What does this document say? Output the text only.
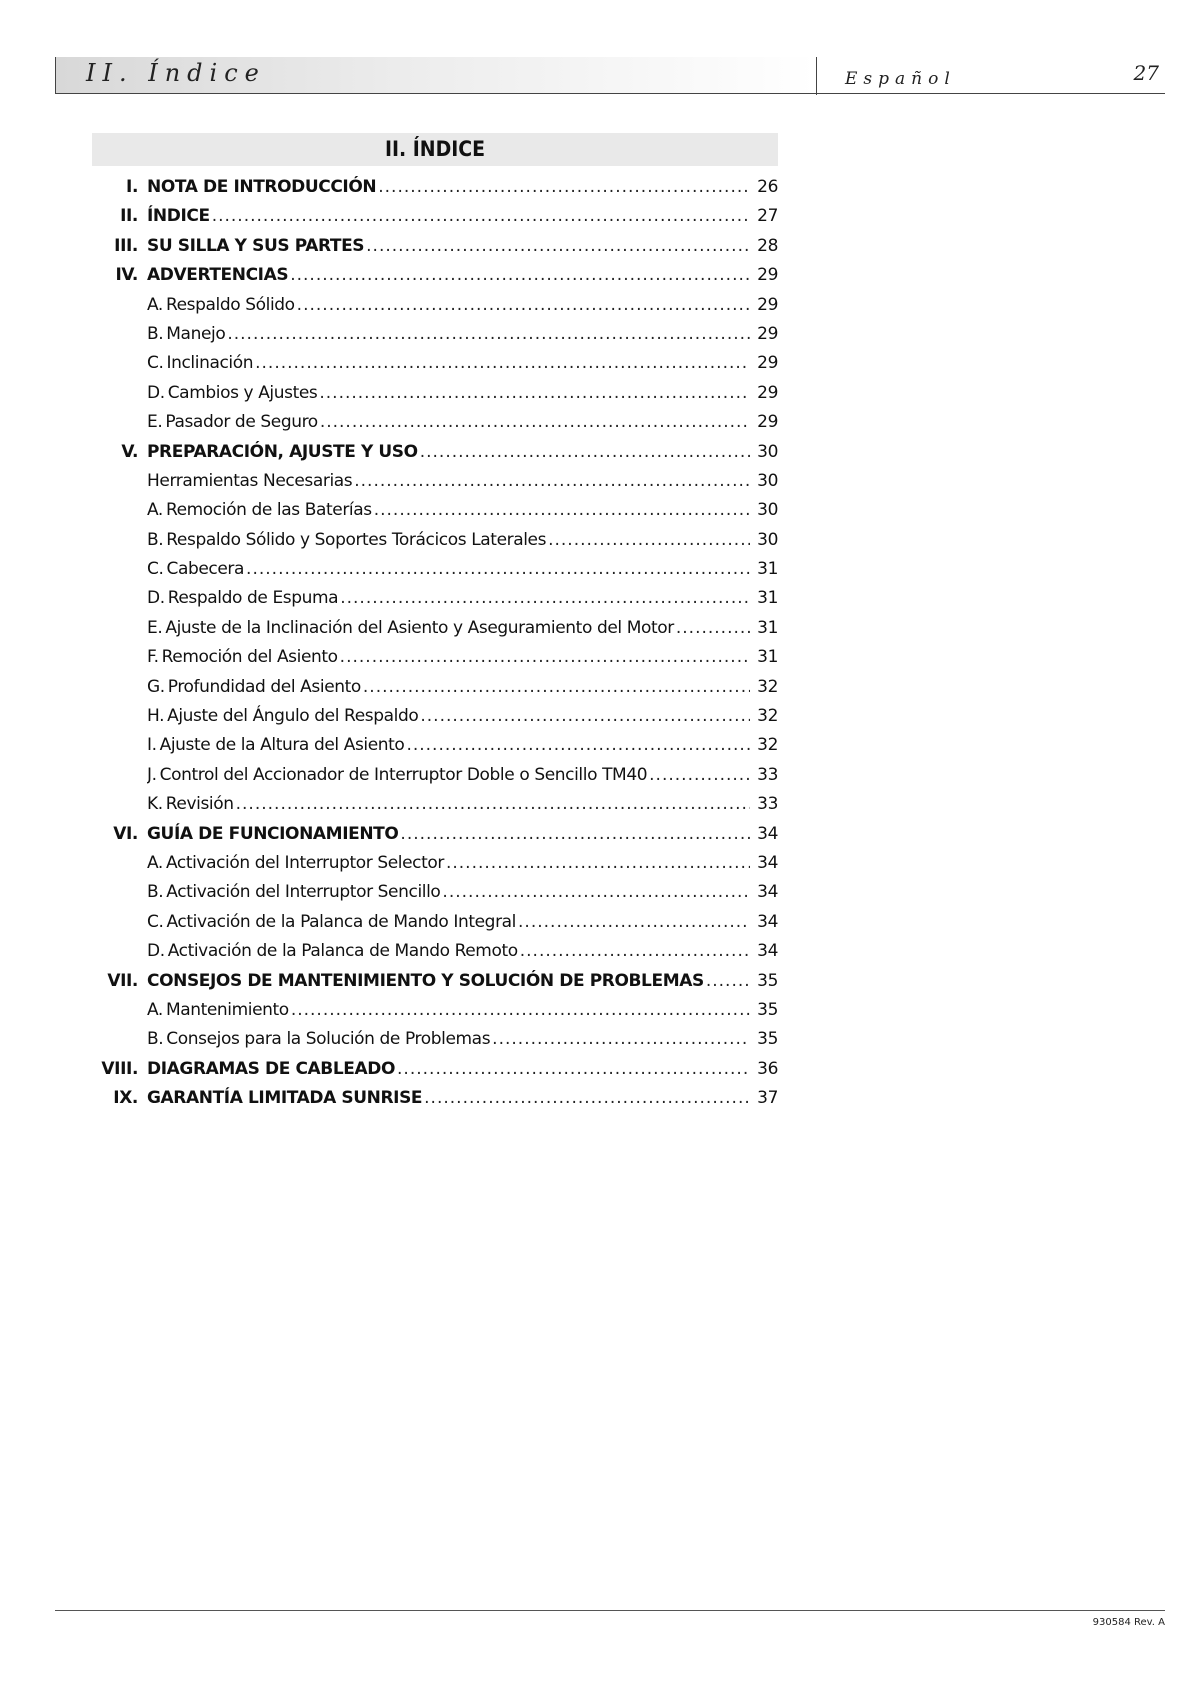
II. Índice	Español	27
II. ÍNDICE
I. NOTA DE INTRODUCCIÓN .....	26
II. ÍNDICE .....	27
III. SU SILLA Y SUS PARTES .....	28
IV. ADVERTENCIAS .....	29
A. Respaldo Sólido .....	29
B. Manejo .....	29
C. Inclinación .....	29
D. Cambios y Ajustes .....	29
E. Pasador de Seguro .....	29
V. PREPARACIÓN, AJUSTE Y USO .....	30
Herramientas Necesarias .....	30
A. Remoción de las Baterías .....	30
B. Respaldo Sólido y Soportes Torácicos Laterales .....	30
C. Cabecera .....	31
D. Respaldo de Espuma .....	31
E. Ajuste de la Inclinación del Asiento y Aseguramiento del Motor .....	31
F. Remoción del Asiento .....	31
G. Profundidad del Asiento .....	32
H. Ajuste del Ángulo del Respaldo .....	32
I. Ajuste de la Altura del Asiento .....	32
J. Control del Accionador de Interruptor Doble o Sencillo TM40 .....	33
K. Revisión .....	33
VI. GUÍA DE FUNCIONAMIENTO .....	34
A. Activación del Interruptor Selector .....	34
B. Activación del Interruptor Sencillo .....	34
C. Activación de la Palanca de Mando Integral .....	34
D. Activación de la Palanca de Mando Remoto .....	34
VII. CONSEJOS DE MANTENIMIENTO Y SOLUCIÓN DE PROBLEMAS .....	35
A. Mantenimiento .....	35
B. Consejos para la Solución de Problemas .....	35
VIII. DIAGRAMAS DE CABLEADO .....	36
IX. GARANTÍA LIMITADA SUNRISE .....	37
930584 Rev. A
